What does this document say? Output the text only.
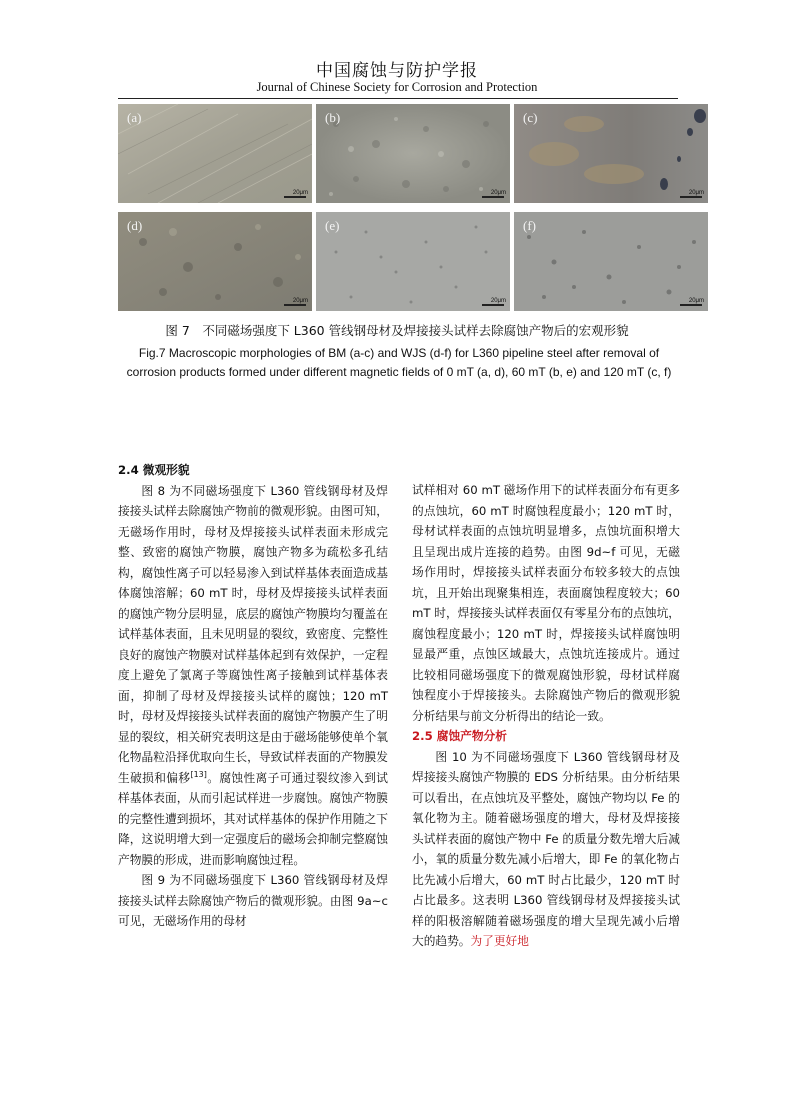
中国腐蚀与防护学报
Journal of Chinese Society for Corrosion and Protection
(a)
20μm
(b)
20μm
(c)
20μm
(d)
20μm
(e)
20μm
(f)
20μm
图 7　不同磁场强度下 L360 管线钢母材及焊接接头试样去除腐蚀产物后的宏观形貌
Fig.7 Macroscopic morphologies of BM (a-c) and WJS (d-f) for L360 pipeline steel after removal of
corrosion products formed under different magnetic fields of 0 mT (a, d), 60 mT (b, e) and 120 mT (c, f)

2.4 微观形貌

图 8 为不同磁场强度下 L360 管线钢母材及焊接接头试样去除腐蚀产物前的微观形貌。由图可知，无磁场作用时，母材及焊接接头试样表面未形成完整、致密的腐蚀产物膜，腐蚀产物多为疏松多孔结构，腐蚀性离子可以轻易渗入到试样基体表面造成基体腐蚀溶解；60 mT 时，母材及焊接接头试样表面的腐蚀产物分层明显，底层的腐蚀产物膜均匀覆盖在试样基体表面，且未见明显的裂纹，致密度、完整性良好的腐蚀产物膜对试样基体起到有效保护，一定程度上避免了氯离子等腐蚀性离子接触到试样基体表面，抑制了母材及焊接接头试样的腐蚀；120 mT 时，母材及焊接接头试样表面的腐蚀产物膜产生了明显的裂纹，相关研究表明这是由于磁场能够使单个氧化物晶粒沿择优取向生长，导致试样表面的产物膜发生破损和偏移[13]。腐蚀性离子可通过裂纹渗入到试样基体表面，从而引起试样进一步腐蚀。腐蚀产物膜的完整性遭到损坏，其对试样基体的保护作用随之下降，这说明增大到一定强度后的磁场会抑制完整腐蚀产物膜的形成，进而影响腐蚀过程。

图 9 为不同磁场强度下 L360 管线钢母材及焊接接头试样去除腐蚀产物后的微观形貌。由图 9a~c 可见，无磁场作用的母材

试样相对 60 mT 磁场作用下的试样表面分布有更多的点蚀坑，60 mT 时腐蚀程度最小；120 mT 时，母材试样表面的点蚀坑明显增多，点蚀坑面积增大且呈现出成片连接的趋势。由图 9d~f 可见，无磁场作用时，焊接接头试样表面分布较多较大的点蚀坑，且开始出现聚集相连，表面腐蚀程度较大；60 mT 时，焊接接头试样表面仅有零星分布的点蚀坑，腐蚀程度最小；120 mT 时，焊接接头试样腐蚀明显最严重，点蚀区域最大，点蚀坑连接成片。通过比较相同磁场强度下的微观腐蚀形貌，母材试样腐蚀程度小于焊接接头。去除腐蚀产物后的微观形貌分析结果与前文分析得出的结论一致。

2.5 腐蚀产物分析

图 10 为不同磁场强度下 L360 管线钢母材及焊接接头腐蚀产物膜的 EDS 分析结果。由分析结果可以看出，在点蚀坑及平整处，腐蚀产物均以 Fe 的氧化物为主。随着磁场强度的增大，母材及焊接接头试样表面的腐蚀产物中 Fe 的质量分数先增大后减小，氧的质量分数先减小后增大，即 Fe 的氧化物占比先减小后增大，60 mT 时占比最少，120 mT 时占比最多。这表明 L360 管线钢母材及焊接接头试样的阳极溶解随着磁场强度的增大呈现先减小后增大的趋势。为了更好地
